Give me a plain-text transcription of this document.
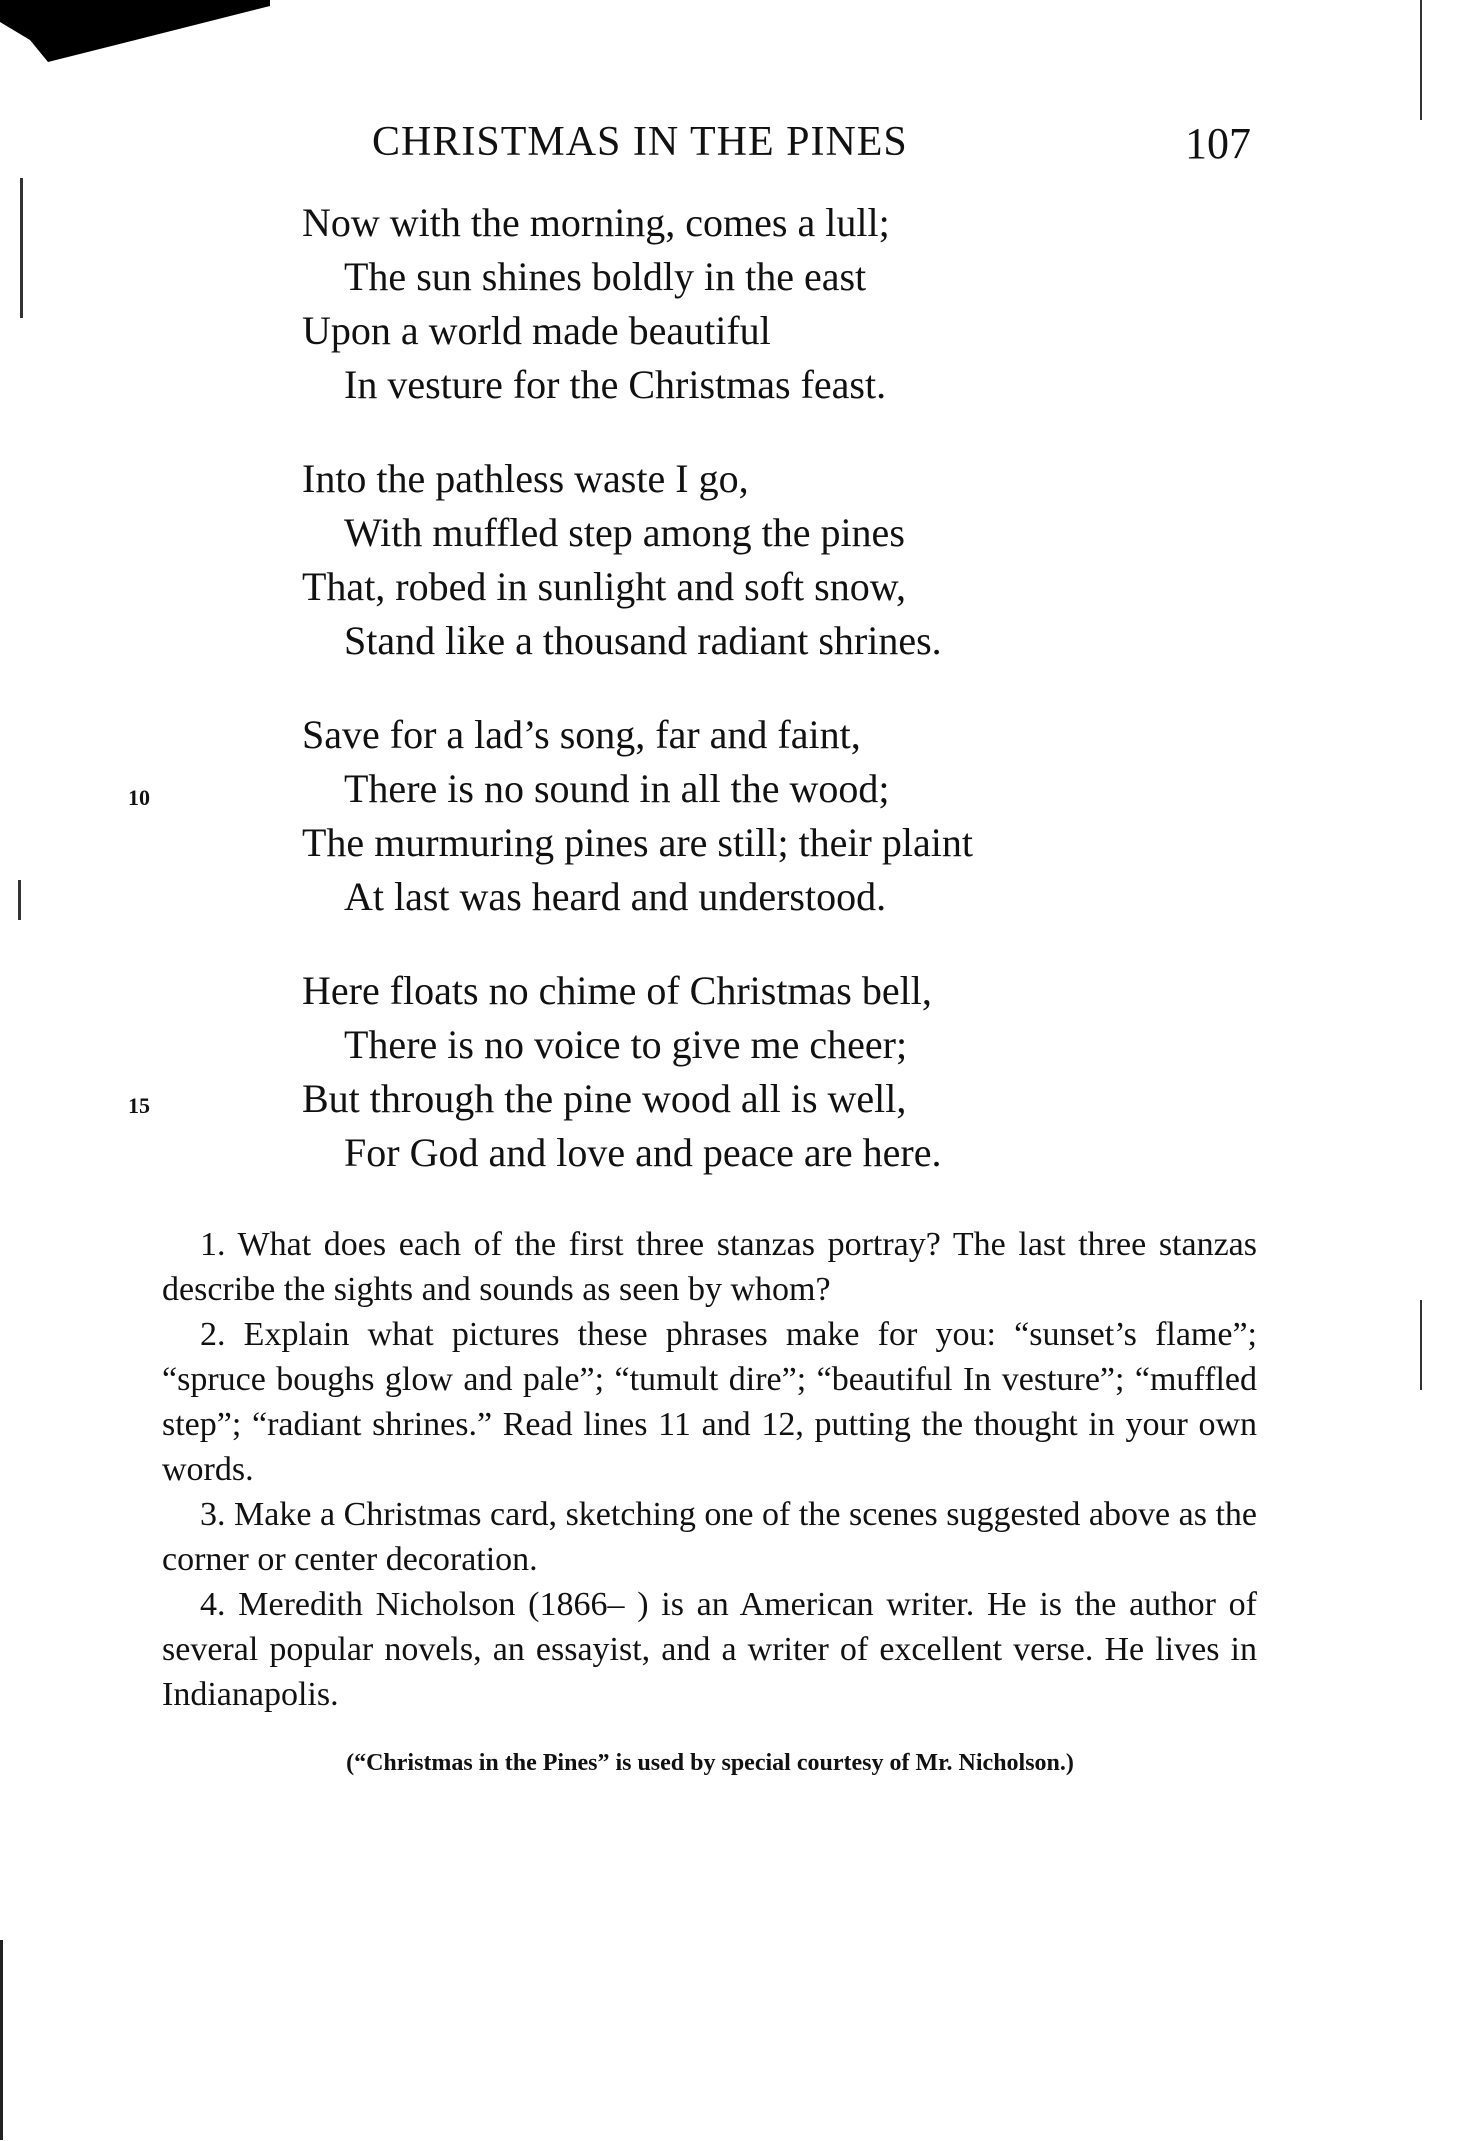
CHRISTMAS IN THE PINES	107
Now with the morning, comes a lull;
The sun shines boldly in the east
Upon a world made beautiful
In vesture for the Christmas feast.
Into the pathless waste I go,
With muffled step among the pines
That, robed in sunlight and soft snow,
Stand like a thousand radiant shrines.
Save for a lad’s song, far and faint,
There is no sound in all the wood;
The murmuring pines are still; their plaint
At last was heard and understood.
Here floats no chime of Christmas bell,
There is no voice to give me cheer;
But through the pine wood all is well,
For God and love and peace are here.
10
15

1. What does each of the first three stanzas portray? The last three stanzas describe the sights and sounds as seen by whom?

2. Explain what pictures these phrases make for you: “sunset’s flame”; “spruce boughs glow and pale”; “tumult dire”; “beautiful In vesture”; “muffled step”; “radiant shrines.” Read lines 11 and 12, putting the thought in your own words.

3. Make a Christmas card, sketching one of the scenes suggested above as the corner or center decoration.

4. Meredith Nicholson (1866– ) is an American writer. He is the author of several popular novels, an essayist, and a writer of excellent verse. He lives in Indianapolis.

(“Christmas in the Pines” is used by special courtesy of Mr. Nicholson.)
